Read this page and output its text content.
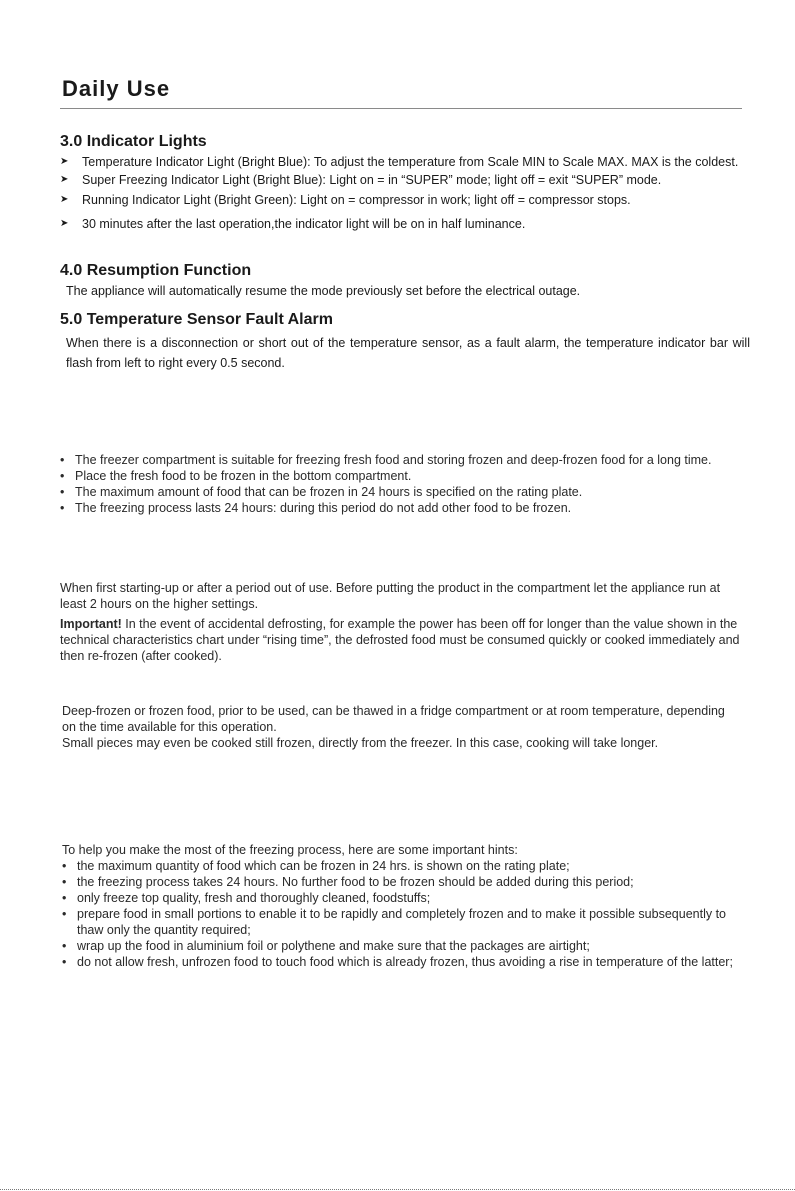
Daily Use
3.0 Indicator Lights
➤	Temperature Indicator Light (Bright Blue): To adjust the temperature from Scale MIN to Scale MAX. MAX is the coldest.
➤	Super Freezing Indicator Light (Bright Blue): Light on = in “SUPER” mode; light off = exit “SUPER” mode.
➤	Running Indicator Light (Bright Green): Light on = compressor in work; light off = compressor stops.
➤	30 minutes after the last operation,the indicator light will be on in half luminance.
4.0 Resumption Function

The appliance will automatically resume the mode previously set before the electrical outage.

5.0 Temperature Sensor Fault Alarm

When there is a disconnection or short out of the temperature sensor, as a fault alarm, the temperature indicator bar will flash from left to right every 0.5 second.

• The freezer compartment is suitable for freezing fresh food and storing frozen and deep-frozen food for a long time.
• Place the fresh food to be frozen in the bottom compartment.
• The maximum amount of food that can be frozen in 24 hours is specified on the rating plate.
• The freezing process lasts 24 hours: during this period do not add other food to be frozen.

When first starting-up or after a period out of use. Before putting the product in the compartment let the appliance run at least 2 hours on the higher settings.

Important! In the event of accidental defrosting, for example the power has been off for longer than the value shown in the technical characteristics chart under “rising time”, the defrosted food must be consumed quickly or cooked immediately and then re-frozen (after cooked).

Deep-frozen or frozen food, prior to be used, can be thawed in a fridge compartment or at room temperature, depending on the time available for this operation.

Small pieces may even be cooked still frozen, directly from the freezer. In this case, cooking will take longer.

To help you make the most of the freezing process, here are some important hints:

• the maximum quantity of food which can be frozen in 24 hrs. is shown on the rating plate;
• the freezing process takes 24 hours. No further food to be frozen should be added during this period;
• only freeze top quality, fresh and thoroughly cleaned, foodstuffs;
• prepare food in small portions to enable it to be rapidly and completely frozen and to make it possible subsequently to thaw only the quantity required;
• wrap up the food in aluminium foil or polythene and make sure that the packages are airtight;
• do not allow fresh, unfrozen food to touch food which is already frozen, thus avoiding a rise in temperature of the latter;
